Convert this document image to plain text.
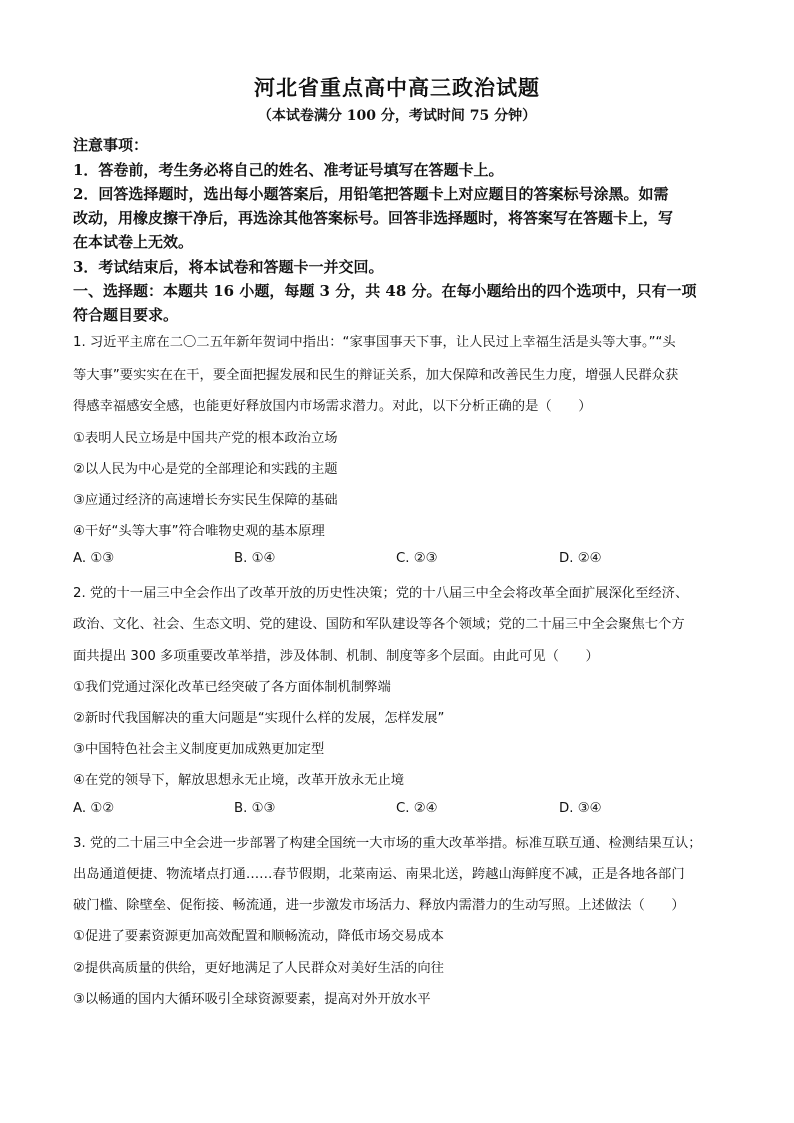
河北省重点高中高三政治试题
（本试卷满分 100 分，考试时间 75 分钟）
注意事项：
1．答卷前，考生务必将自己的姓名、准考证号填写在答题卡上。
2．回答选择题时，选出每小题答案后，用铅笔把答题卡上对应题目的答案标号涂黑。如需
改动，用橡皮擦干净后，再选涂其他答案标号。回答非选择题时，将答案写在答题卡上，写
在本试卷上无效。
3．考试结束后，将本试卷和答题卡一并交回。
一、选择题：本题共 16 小题，每题 3 分，共 48 分。在每小题给出的四个选项中，只有一项
符合题目要求。
1. 习近平主席在二〇二五年新年贺词中指出：“家事国事天下事，让人民过上幸福生活是头等大事。”“头
等大事”要实实在在干，要全面把握发展和民生的辩证关系，加大保障和改善民生力度，增强人民群众获
得感幸福感安全感，也能更好释放国内市场需求潜力。对此，以下分析正确的是（　　）
①表明人民立场是中国共产党的根本政治立场
②以人民为中心是党的全部理论和实践的主题
③应通过经济的高速增长夯实民生保障的基础
④干好“头等大事”符合唯物史观的基本原理
A. ①③	B. ①④	C. ②③	D. ②④
2. 党的十一届三中全会作出了改革开放的历史性决策；党的十八届三中全会将改革全面扩展深化至经济、
政治、文化、社会、生态文明、党的建设、国防和军队建设等各个领域；党的二十届三中全会聚焦七个方
面共提出 300 多项重要改革举措，涉及体制、机制、制度等多个层面。由此可见（　　）
①我们党通过深化改革已经突破了各方面体制机制弊端
②新时代我国解决的重大问题是“实现什么样的发展，怎样发展”
③中国特色社会主义制度更加成熟更加定型
④在党的领导下，解放思想永无止境，改革开放永无止境
A. ①②	B. ①③	C. ②④	D. ③④
3. 党的二十届三中全会进一步部署了构建全国统一大市场的重大改革举措。标准互联互通、检测结果互认；
出岛通道便捷、物流堵点打通……春节假期，北菜南运、南果北送，跨越山海鲜度不减，正是各地各部门
破门槛、除壁垒、促衔接、畅流通，进一步激发市场活力、释放内需潜力的生动写照。上述做法（　　）
①促进了要素资源更加高效配置和顺畅流动，降低市场交易成本
②提供高质量的供给，更好地满足了人民群众对美好生活的向往
③以畅通的国内大循环吸引全球资源要素，提高对外开放水平
